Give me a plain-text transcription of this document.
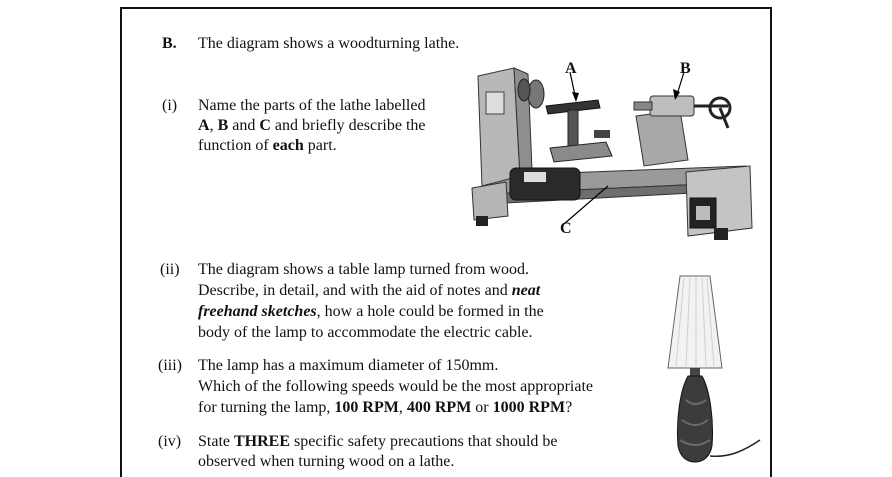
B. The diagram shows a woodturning lathe.
(i) Name the parts of the lathe labelled
A, B and C and briefly describe the
function of each part.
A	B
C
(ii) The diagram shows a table lamp turned from wood.
Describe, in detail, and with the aid of notes and neat
freehand sketches, how a hole could be formed in the
body of the lamp to accommodate the electric cable.
(iii) The lamp has a maximum diameter of 150mm.
Which of the following speeds would be the most appropriate
for turning the lamp, 100 RPM, 400 RPM or 1000 RPM?
(iv) State THREE specific safety precautions that should be
observed when turning wood on a lathe.
